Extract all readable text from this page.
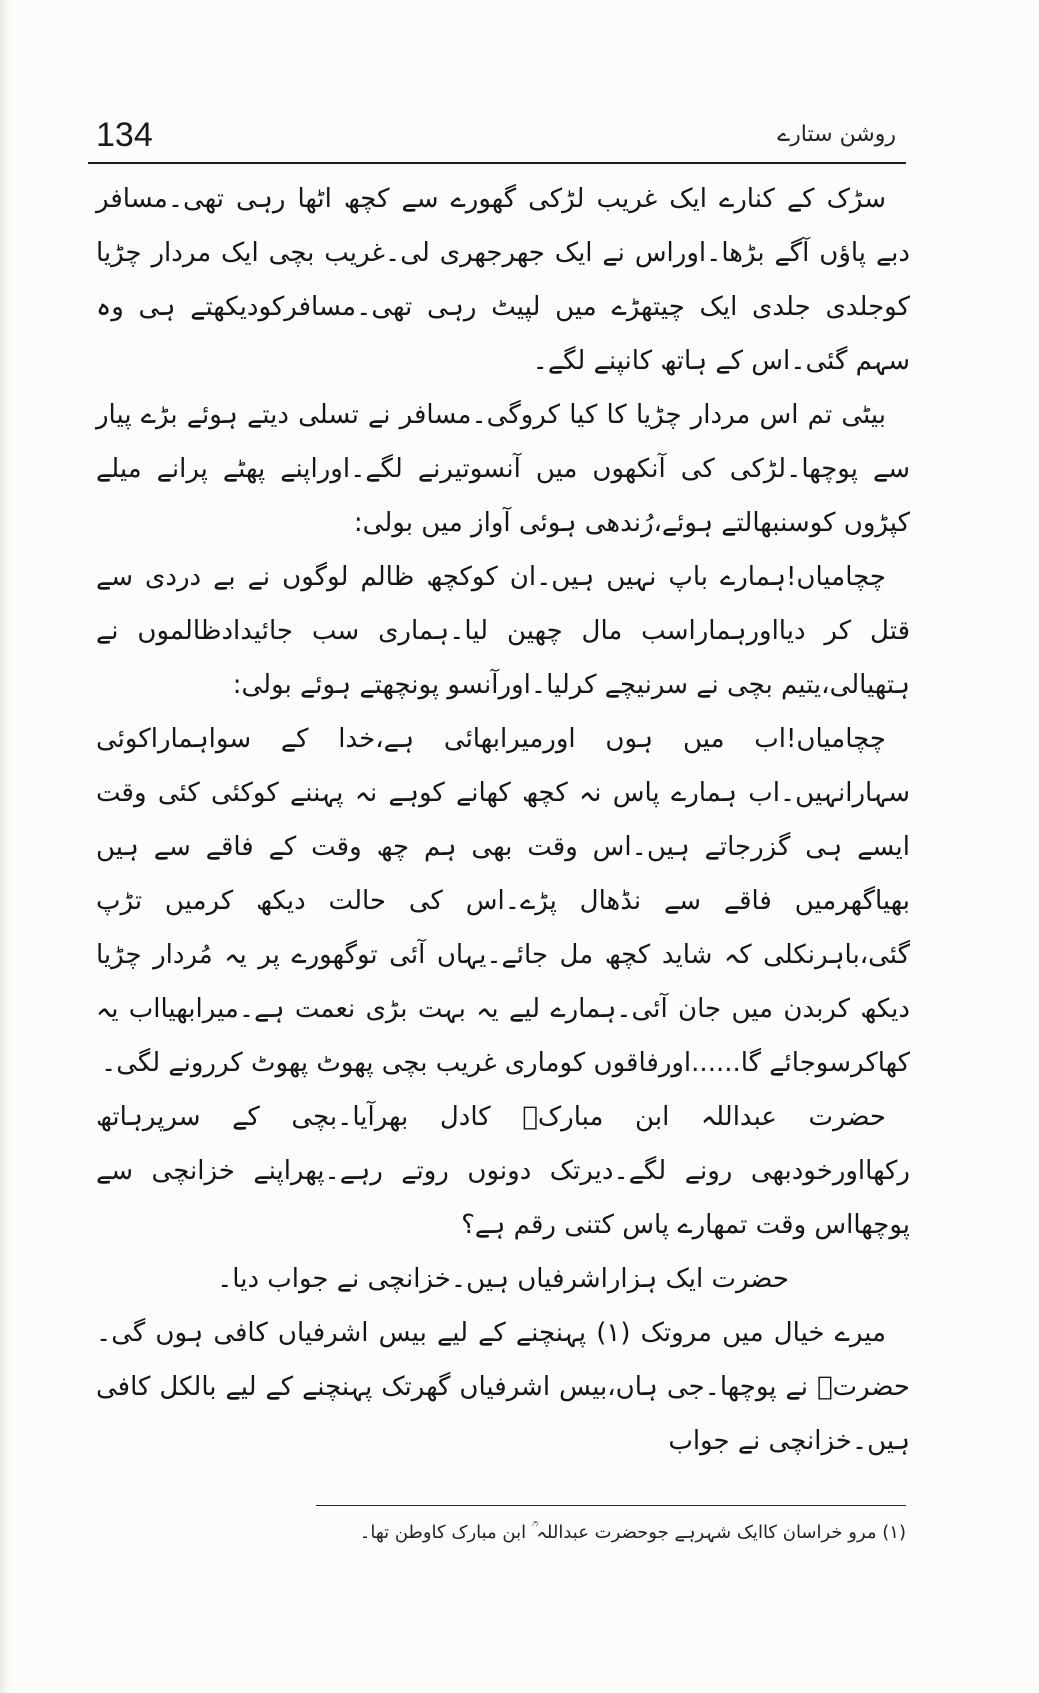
134	روشن ستارے

سڑک کے کنارے ایک غریب لڑکی گھورے سے کچھ اٹھا رہی تھی۔مسافر دبے پاؤں آگے بڑھا۔اوراس نے ایک جھرجھری لی۔غریب بچی ایک مردار چڑیا کوجلدی جلدی ایک چیتھڑے میں لپیٹ رہی تھی۔مسافرکودیکھتے ہی وہ سہم گئی۔اس کے ہاتھ کانپنے لگے۔

بیٹی تم اس مردار چڑیا کا کیا کروگی۔مسافر نے تسلی دیتے ہوئے بڑے پیار سے پوچھا۔لڑکی کی آنکھوں میں آنسوتیرنے لگے۔اوراپنے پھٹے پرانے میلے کپڑوں کوسنبھالتے ہوئے،رُندھی ہوئی آواز میں بولی:

چچامیاں!ہمارے باپ نہیں ہیں۔ان کوکچھ ظالم لوگوں نے بے دردی سے قتل کر دیااورہماراسب مال چھین لیا۔ہماری سب جائیدادظالموں نے ہتھیالی،یتیم بچی نے سرنیچے کرلیا۔اورآنسو پونچھتے ہوئے بولی:

چچامیاں!اب میں ہوں اورمیرابھائی ہے،خدا کے سواہماراکوئی سہارانہیں۔اب ہمارے پاس نہ کچھ کھانے کوہے نہ پہننے کوکئی کئی وقت ایسے ہی گزرجاتے ہیں۔اس وقت بھی ہم چھ وقت کے فاقے سے ہیں بھیاگھرمیں فاقے سے نڈھال پڑے۔اس کی حالت دیکھ کرمیں تڑپ گئی،باہرنکلی کہ شاید کچھ مل جائے۔یہاں آئی توگھورے پر یہ مُردار چڑیا دیکھ کربدن میں جان آئی۔ہمارے لیے یہ بہت بڑی نعمت ہے۔میرابھیااب یہ کھاکرسوجائے گا......اورفاقوں کوماری غریب بچی پھوٹ پھوٹ کررونے لگی۔

حضرت عبداللہ ابن مبارکؒ کادل بھرآیا۔بچی کے سرپرہاتھ رکھااورخودبھی رونے لگے۔دیرتک دونوں روتے رہے۔پھراپنے خزانچی سے پوچھااس وقت تمھارے پاس کتنی رقم ہے؟

حضرت ایک ہزاراشرفیاں ہیں۔خزانچی نے جواب دیا۔

میرے خیال میں مروتک (۱) پہنچنے کے لیے بیس اشرفیاں کافی ہوں گی۔حضرتؒ نے پوچھا۔جی ہاں،بیس اشرفیاں گھرتک پہنچنے کے لیے بالکل کافی ہیں۔خزانچی نے جواب

(۱) مرو خراسان کاایک شہرہے جوحضرت عبداللہ ؒ ابن مبارک کاوطن تھا۔
